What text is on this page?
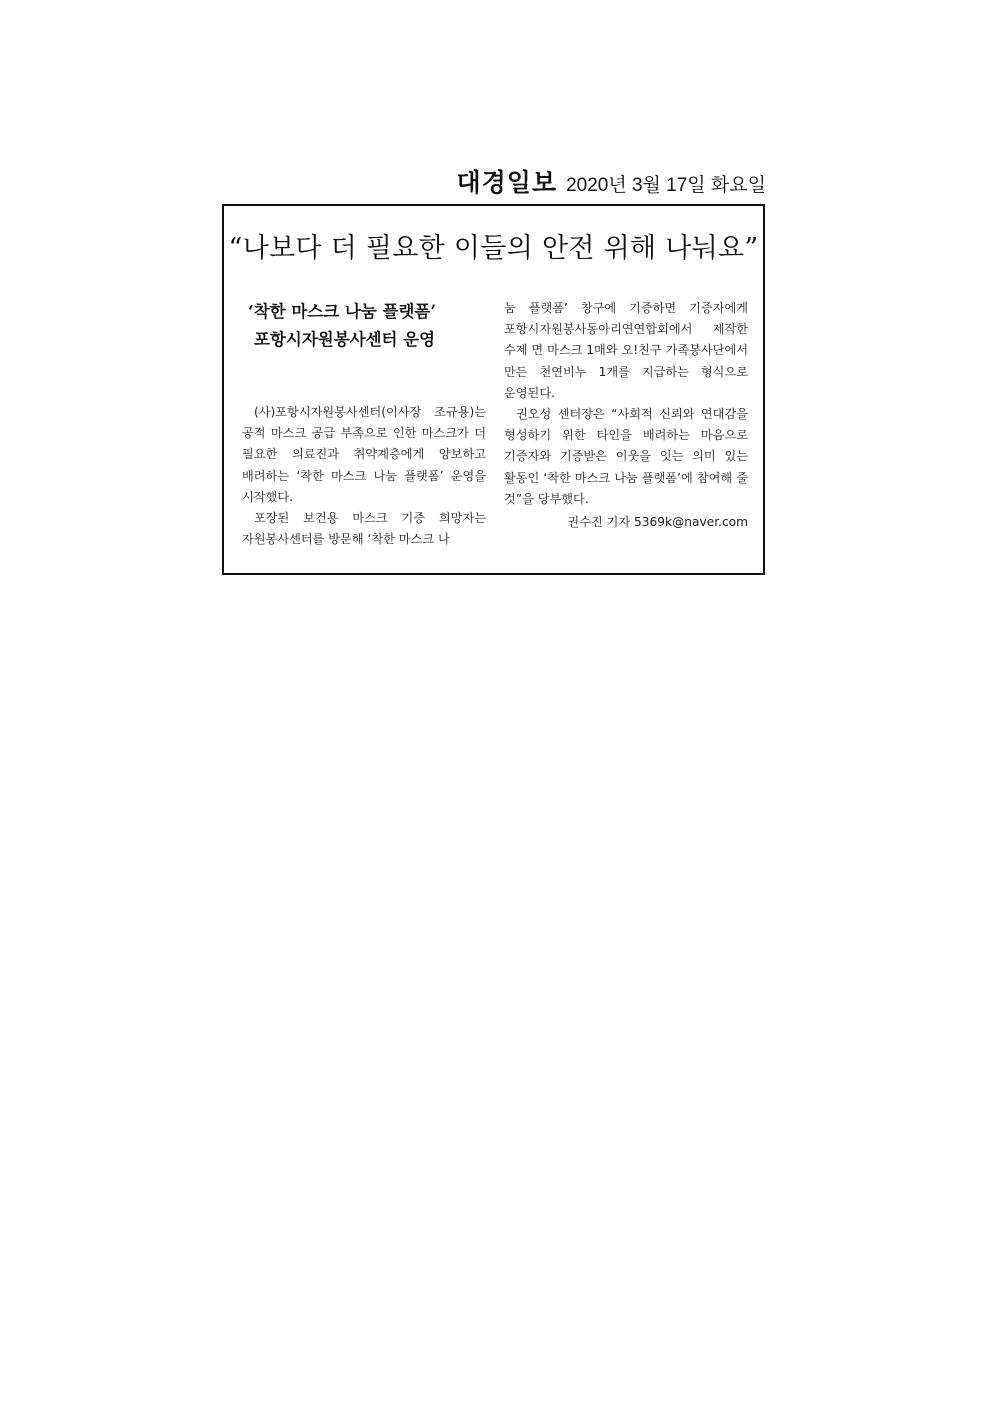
대경일보 2020년 3월 17일 화요일
“나보다 더 필요한 이들의 안전 위해 나눠요”
‘착한 마스크 나눔 플랫폼’
포항시자원봉사센터 운영

(사)포항시자원봉사센터(이사장 조규용)는 공적 마스크 공급 부족으로 인한 마스크가 더 필요한 의료진과 취약계층에게 양보하고 배려하는 ‘착한 마스크 나눔 플랫폼’ 운영을 시작했다.

포장된 보건용 마스크 기증 희망자는 자원봉사센터를 방문해 ‘착한 마스크 나

눔 플랫폼’ 창구에 기증하면 기증자에게 포항시자원봉사동아리연연합회에서 제작한 수제 면 마스크 1매와 오!친구 가족봉사단에서 만든 천연비누 1개를 지급하는 형식으로 운영된다.

권오성 센터장은 “사회적 신뢰와 연대감을 형성하기 위한 타인을 배려하는 마음으로 기증자와 기증받은 이웃을 잇는 의미 있는 활동인 ‘착한 마스크 나눔 플랫폼’에 참여해 줄 것”을 당부했다.

권수진 기자 5369k@naver.com
